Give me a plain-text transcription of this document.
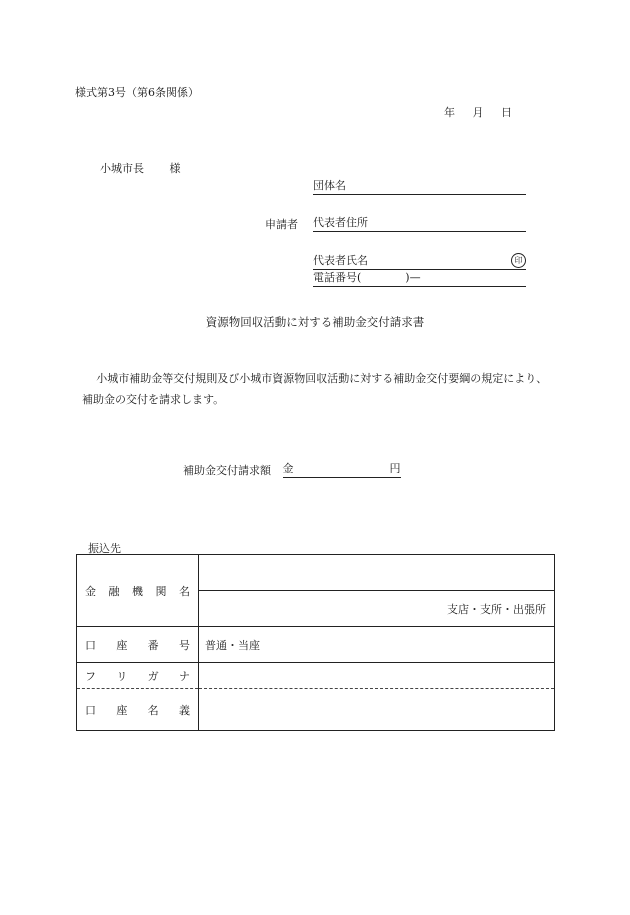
様式第3号（第6条関係）
年 月 日
小城市長 様
申請者
団体名
代表者住所
代表者氏名	印
電話番号(　　　　)—
資源物回収活動に対する補助金交付請求書

小城市補助金等交付規則及び小城市資源物回収活動に対する補助金交付要綱の規定により、補助金の交付を請求します。

補助金交付請求額 金	円
振込先
金 融 機 関 名	

	支店・支所・出張所

口 座 番 号	普通・当座

フ リ ガ ナ	

口 座 名 義	
